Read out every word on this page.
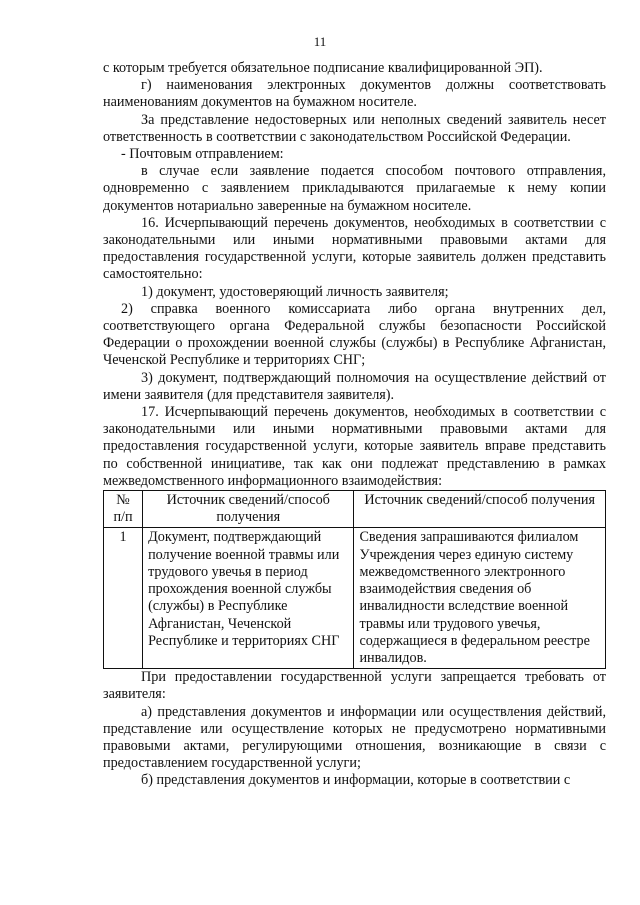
11

с которым требуется обязательное подписание квалифицированной ЭП).

г) наименования электронных документов должны соответствовать наименованиям документов на бумажном носителе.

За представление недостоверных или неполных сведений заявитель несет ответственность в соответствии с законодательством Российской Федерации.

- Почтовым отправлением:

в случае если заявление подается способом почтового отправления, одновременно с заявлением прикладываются прилагаемые к нему копии документов нотариально заверенные на бумажном носителе.

16. Исчерпывающий перечень документов, необходимых в соответствии с законодательными или иными нормативными правовыми актами для предоставления государственной услуги, которые заявитель должен представить самостоятельно:

1) документ, удостоверяющий личность заявителя;

2) справка военного комиссариата либо органа внутренних дел, соответствующего органа Федеральной службы безопасности Российской Федерации о прохождении военной службы (службы) в Республике Афганистан, Чеченской Республике и территориях СНГ;

3) документ, подтверждающий полномочия на осуществление действий от имени заявителя (для представителя заявителя).

17. Исчерпывающий перечень документов, необходимых в соответствии с законодательными или иными нормативными правовыми актами для предоставления государственной услуги, которые заявитель вправе представить по собственной инициативе, так как они подлежат представлению в рамках межведомственного информационного взаимодействия:

№ п/п	Источник сведений/способ получения	Источник сведений/способ получения
1	Документ, подтверждающий получение военной травмы или трудового увечья в период прохождения военной службы (службы) в Республике Афганистан, Чеченской Республике и территориях СНГ	Сведения запрашиваются филиалом Учреждения через единую систему межведомственного электронного взаимодействия сведения об инвалидности вследствие военной травмы или трудового увечья, содержащиеся в федеральном реестре инвалидов.

При предоставлении государственной услуги запрещается требовать от заявителя:

а) представления документов и информации или осуществления действий, представление или осуществление которых не предусмотрено нормативными правовыми актами, регулирующими отношения, возникающие в связи с предоставлением государственной услуги;

б) представления документов и информации, которые в соответствии с
